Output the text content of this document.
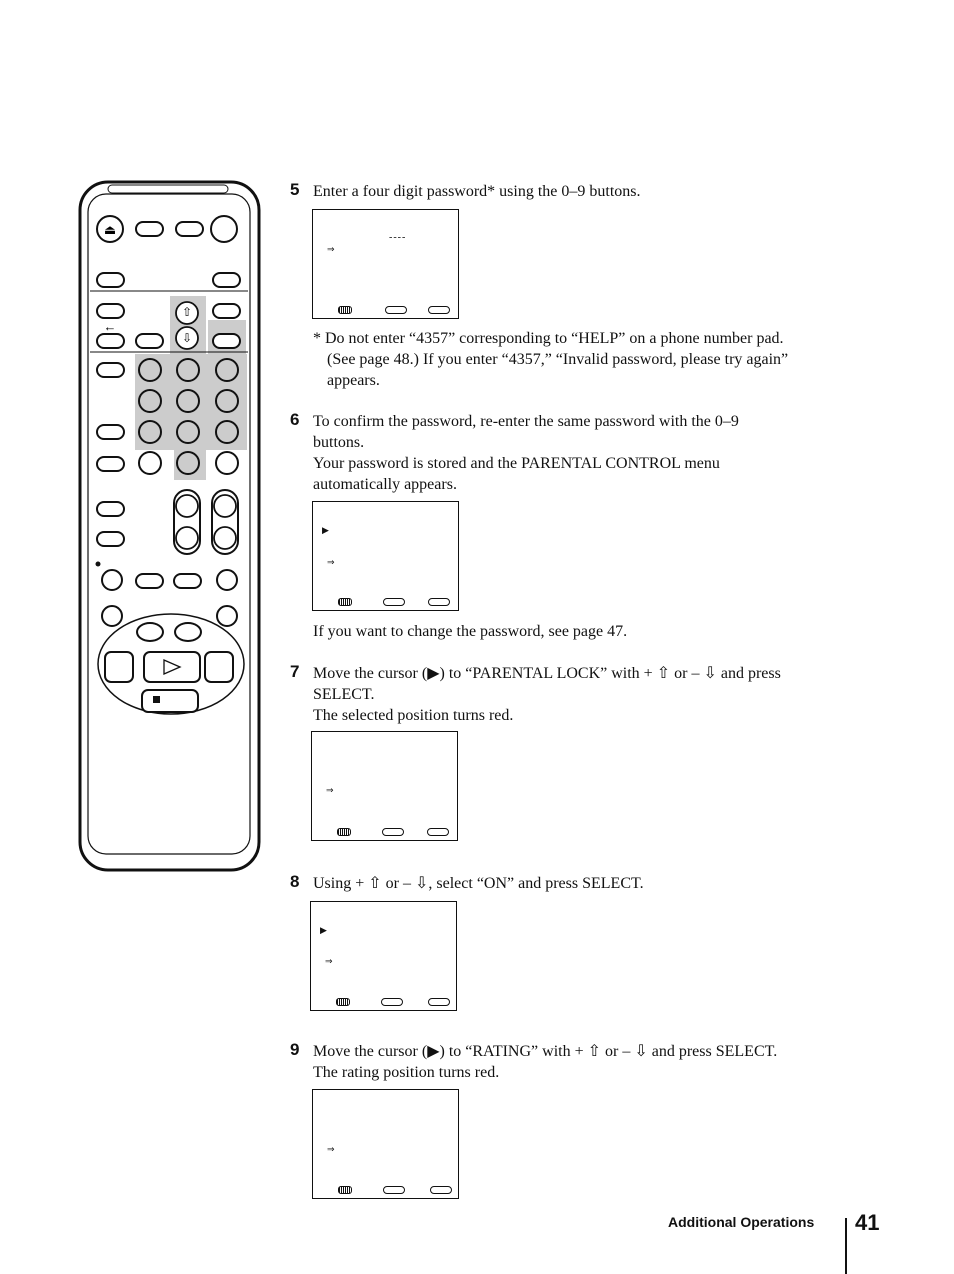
⏏
⇧
⇩
←
5 Enter a four digit password* using the 0–9 buttons.
----
⇒
* Do not enter “4357” corresponding to “HELP” on a phone number pad.
(See page 48.) If you enter “4357,” “Invalid password, please try again”
appears.
6 To confirm the password, re-enter the same password with the 0–9
buttons.
Your password is stored and the PARENTAL CONTROL menu
automatically appears.
▶
⇒
If you want to change the password, see page 47.
7 Move the cursor (▶) to “PARENTAL LOCK” with + ⇧ or – ⇩ and press
SELECT.
The selected position turns red.
⇒
8 Using + ⇧ or – ⇩, select “ON” and press SELECT.
▶
⇒
9 Move the cursor (▶) to “RATING” with + ⇧ or – ⇩ and press SELECT.
The rating position turns red.
⇒
Additional Operations 41
